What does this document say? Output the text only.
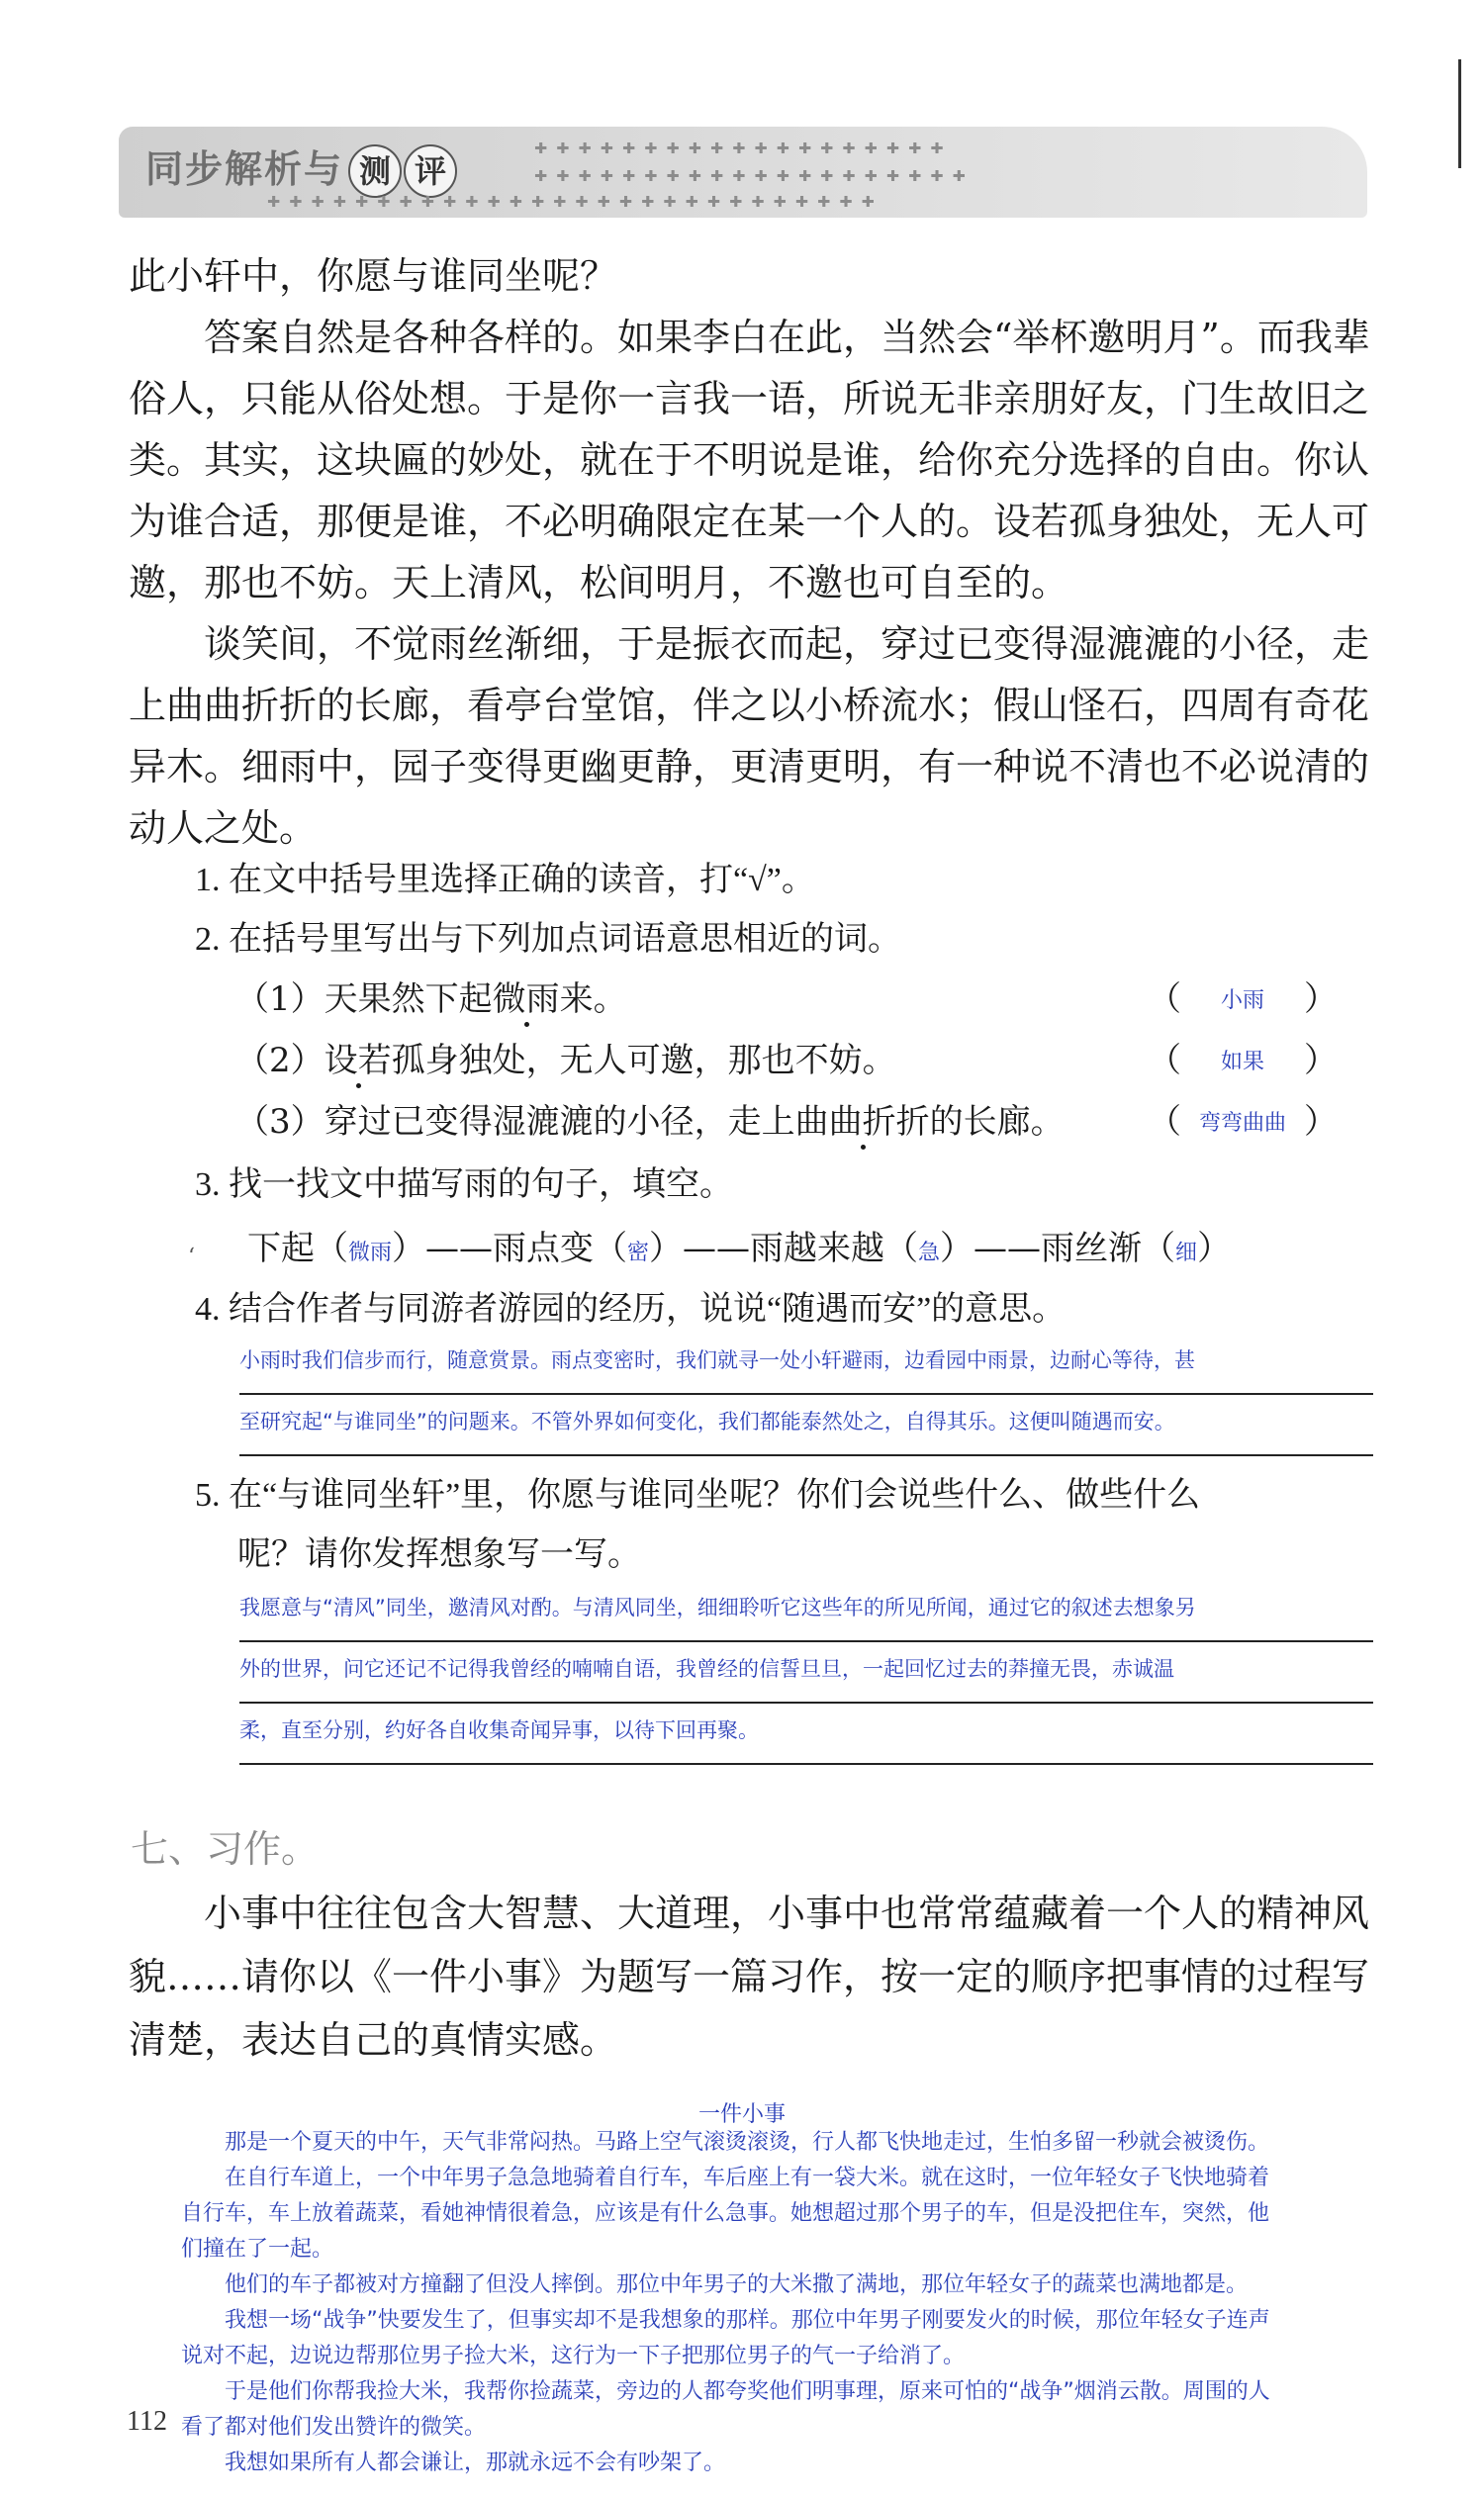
同步解析与 测 评
✚✚✚✚✚✚✚✚✚✚✚✚✚✚✚✚✚✚✚
✚✚✚✚✚✚✚✚✚✚✚✚✚✚✚✚✚✚✚✚
✚✚✚✚✚✚✚✚✚✚✚✚✚✚✚✚✚✚✚✚✚✚✚✚✚✚✚✚

此小轩中，你愿与谁同坐呢？

答案自然是各种各样的。如果李白在此，当然会“举杯邀明月”。而我辈俗人，只能从俗处想。于是你一言我一语，所说无非亲朋好友，门生故旧之类。其实，这块匾的妙处，就在于不明说是谁，给你充分选择的自由。你认为谁合适，那便是谁，不必明确限定在某一个人的。设若孤身独处，无人可邀，那也不妨。天上清风，松间明月，不邀也可自至的。

谈笑间，不觉雨丝渐细，于是振衣而起，穿过已变得湿漉漉的小径，走上曲曲折折的长廊，看亭台堂馆，伴之以小桥流水；假山怪石，四周有奇花异木。细雨中，园子变得更幽更静，更清更明，有一种说不清也不必说清的动人之处。

1. 在文中括号里选择正确的读音，打“√”。
2. 在括号里写出与下列加点词语意思相近的词。
（1）天果然下起微雨来。	（	小雨	）
（2）设若孤身独处，无人可邀，那也不妨。	（	如果	）
（3）穿过已变得湿漉漉的小径，走上曲曲折折的长廊。 （ 弯弯曲曲 ）
3. 找一找文中描写雨的句子，填空。
ʻ 下起（微雨）——雨点变（密）——雨越来越（急）——雨丝渐（细）
4. 结合作者与同游者游园的经历，说说“随遇而安”的意思。
小雨时我们信步而行，随意赏景。雨点变密时，我们就寻一处小轩避雨，边看园中雨景，边耐心等待，甚
至研究起“与谁同坐”的问题来。不管外界如何变化，我们都能泰然处之，自得其乐。这便叫随遇而安。
5. 在“与谁同坐轩”里，你愿与谁同坐呢？你们会说些什么、做些什么
呢？请你发挥想象写一写。
我愿意与“清风”同坐，邀清风对酌。与清风同坐，细细聆听它这些年的所见所闻，通过它的叙述去想象另
外的世界，问它还记不记得我曾经的喃喃自语，我曾经的信誓旦旦，一起回忆过去的莽撞无畏，赤诚温
柔，直至分别，约好各自收集奇闻异事，以待下回再聚。
七、习作。

小事中往往包含大智慧、大道理，小事中也常常蕴藏着一个人的精神风貌……请你以《一件小事》为题写一篇习作，按一定的顺序把事情的过程写清楚，表达自己的真情实感。

一件小事

　　那是一个夏天的中午，天气非常闷热。马路上空气滚烫滚烫，行人都飞快地走过，生怕多留一秒就会被烫伤。

　　在自行车道上，一个中年男子急急地骑着自行车，车后座上有一袋大米。就在这时，一位年轻女子飞快地骑着

自行车，车上放着蔬菜，看她神情很着急，应该是有什么急事。她想超过那个男子的车，但是没把住车，突然，他

们撞在了一起。

　　他们的车子都被对方撞翻了但没人摔倒。那位中年男子的大米撒了满地，那位年轻女子的蔬菜也满地都是。

　　我想一场“战争”快要发生了，但事实却不是我想象的那样。那位中年男子刚要发火的时候，那位年轻女子连声

说对不起，边说边帮那位男子捡大米，这行为一下子把那位男子的气一子给消了。

　　于是他们你帮我捡大米，我帮你捡蔬菜，旁边的人都夸奖他们明事理，原来可怕的“战争”烟消云散。周围的人

看了都对他们发出赞许的微笑。

　　我想如果所有人都会谦让，那就永远不会有吵架了。

112
